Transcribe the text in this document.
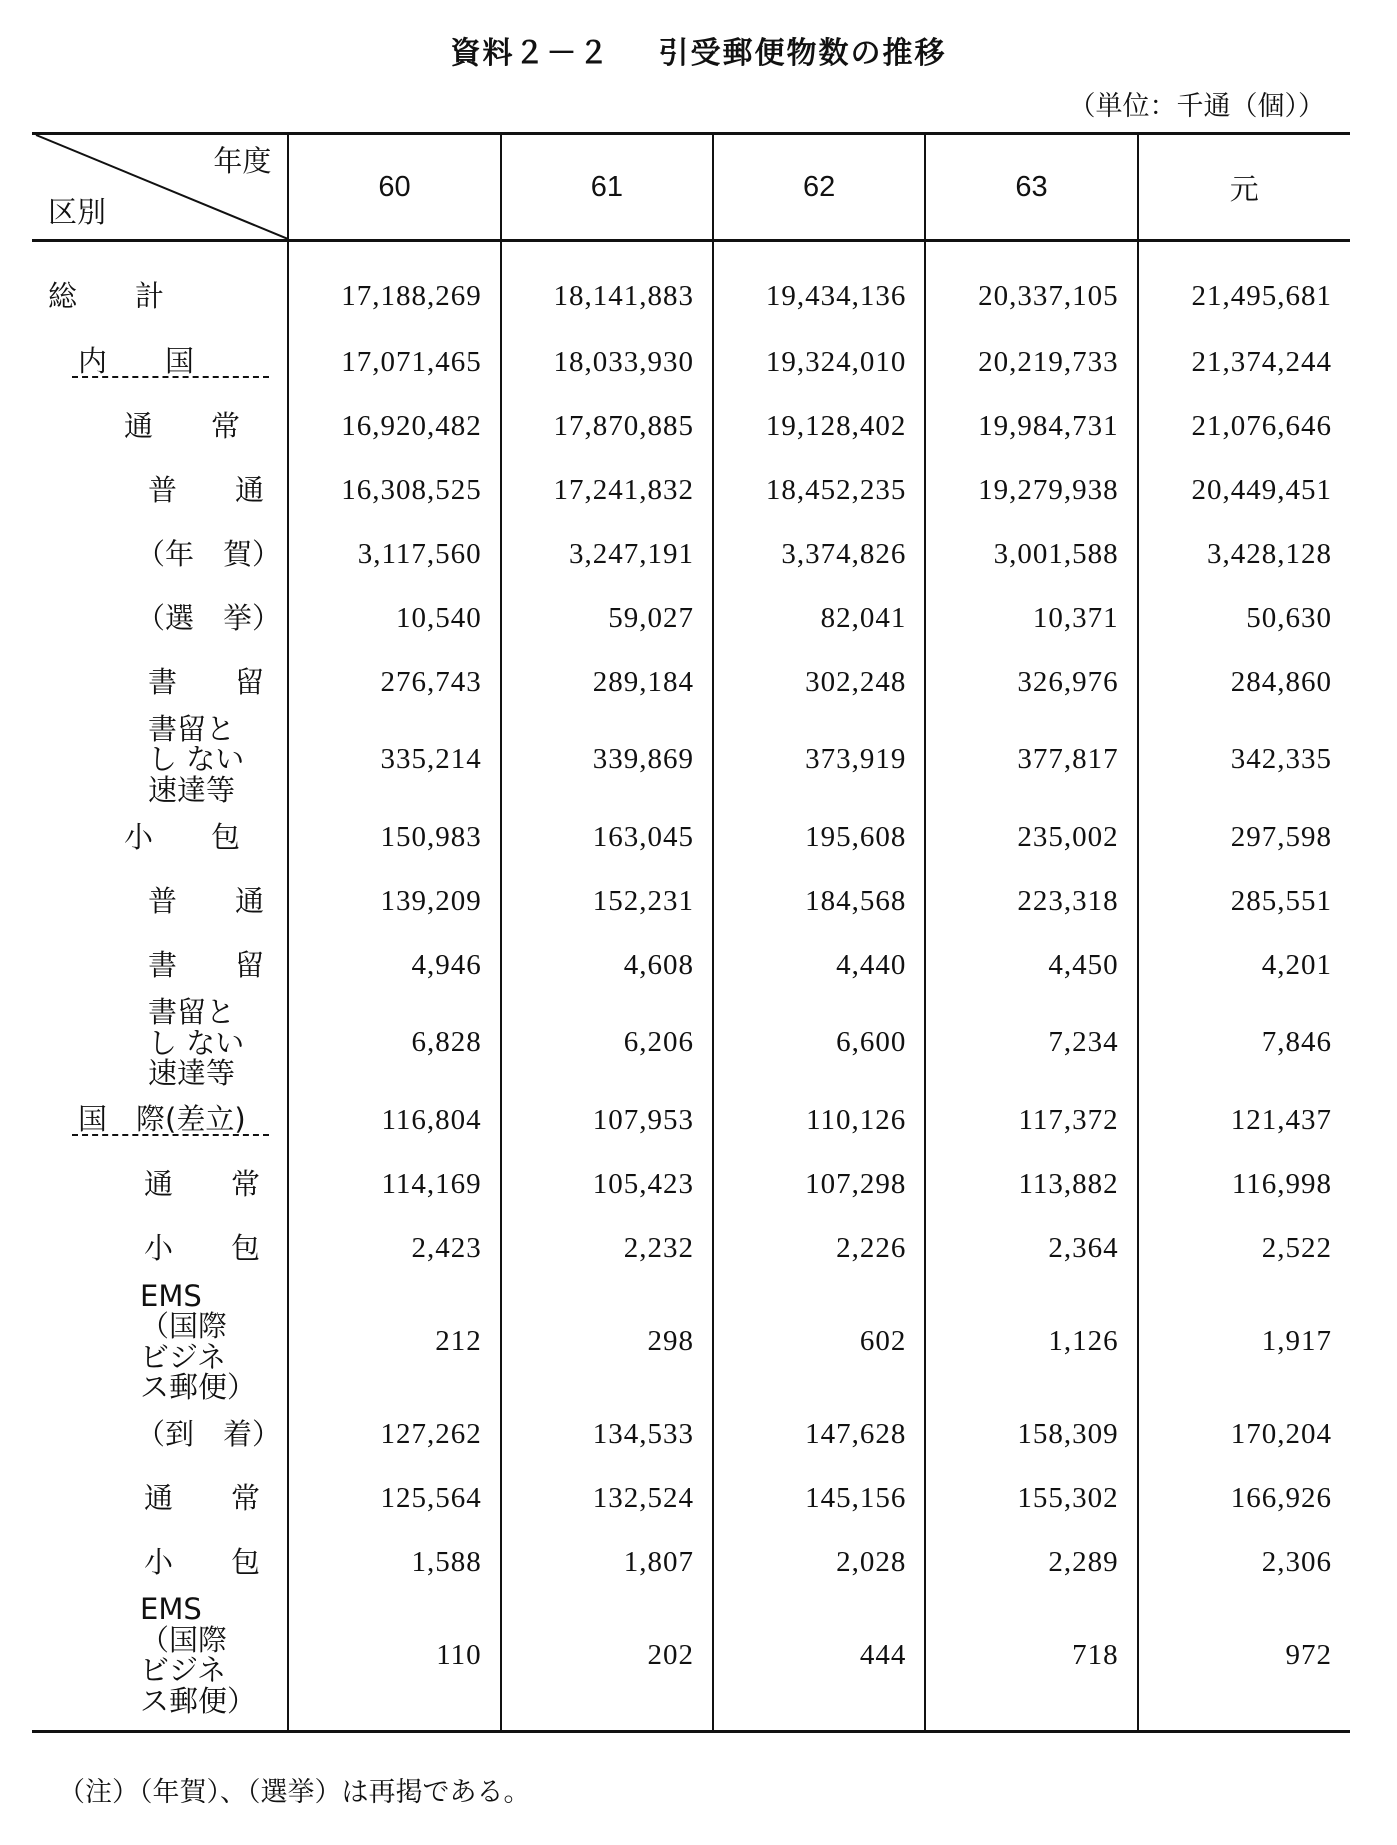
資料２－２ 引受郵便物数の推移
（単位：千通（個））
年度
区別	60	61	62	63	元

総　　計	17,188,269	18,141,883	19,434,136	20,337,105	21,495,681

内　　国	17,071,465	18,033,930	19,324,010	20,219,733	21,374,244

通　　常	16,920,482	17,870,885	19,128,402	19,984,731	21,076,646

普　　通	16,308,525	17,241,832	18,452,235	19,279,938	20,449,451

（年　賀）	3,117,560	3,247,191	3,374,826	3,001,588	3,428,128

（選　挙）	10,540	59,027	82,041	10,371	50,630

書　　留	276,743	289,184	302,248	326,976	284,860

書留とし ない速達等	335,214	339,869	373,919	377,817	342,335

小　　包	150,983	163,045	195,608	235,002	297,598

普　　通	139,209	152,231	184,568	223,318	285,551

書　　留	4,946	4,608	4,440	4,450	4,201

書留とし ない速達等	6,828	6,206	6,600	7,234	7,846

国　際(差立)	116,804	107,953	110,126	117,372	121,437

通　　常	114,169	105,423	107,298	113,882	116,998

小　　包	2,423	2,232	2,226	2,364	2,522

EMS（国際ビジネス郵便）	212	298	602	1,126	1,917

（到　着）	127,262	134,533	147,628	158,309	170,204

通　　常	125,564	132,524	145,156	155,302	166,926

小　　包	1,588	1,807	2,028	2,289	2,306

EMS（国際ビジネス郵便）	110	202	444	718	972
（注）（年賀）、（選挙）は再掲である。
